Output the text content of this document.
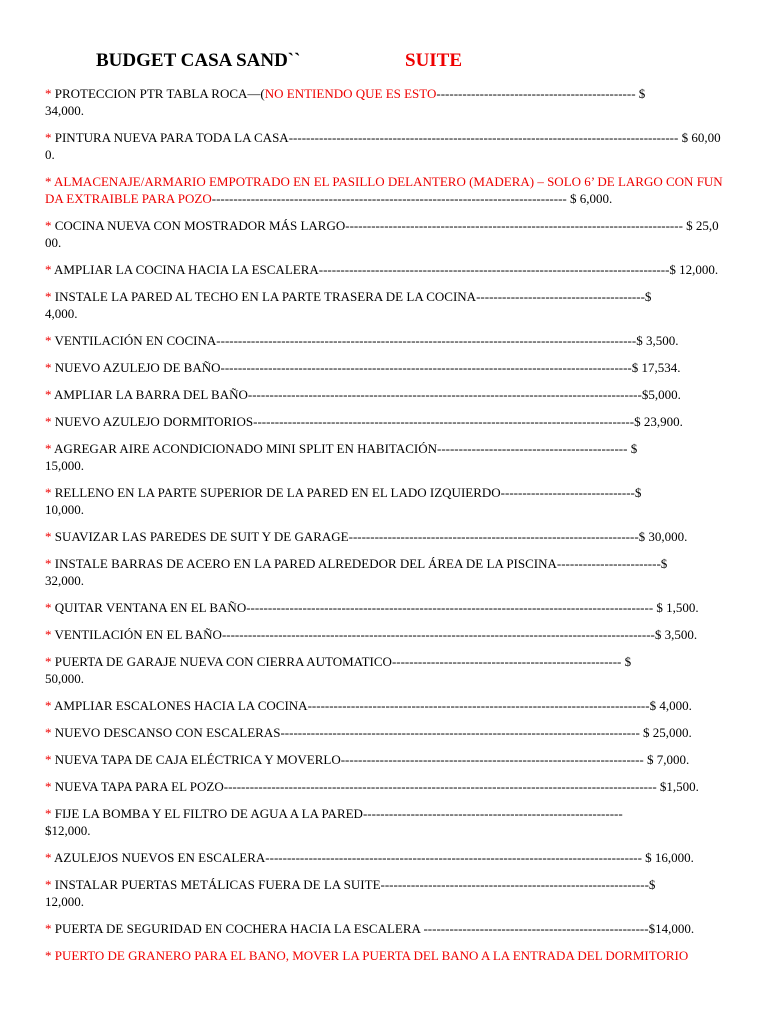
BUDGET CASA SAND``	SUITE
* PROTECCION PTR TABLA ROCA—(NO ENTIENDO QUE ES ESTO---------------------------------------------- $
34,000.
* PINTURA NUEVA PARA TODA LA CASA------------------------------------------------------------------------------------------ $ 60,000.
* ALMACENAJE/ARMARIO EMPOTRADO EN EL PASILLO DELANTERO (MADERA) – SOLO 6’ DE LARGO CON FUNDA EXTRAIBLE PARA POZO---------------------------------------------------------------------------------- $ 6,000.
* COCINA NUEVA CON MOSTRADOR MÁS LARGO------------------------------------------------------------------------------ $ 25,000.
* AMPLIAR LA COCINA HACIA LA ESCALERA---------------------------------------------------------------------------------$ 12,000.
* INSTALE LA PARED AL TECHO EN LA PARTE TRASERA DE LA COCINA---------------------------------------$
4,000.
* VENTILACIÓN EN COCINA-------------------------------------------------------------------------------------------------$ 3,500.
* NUEVO AZULEJO DE BAÑO-----------------------------------------------------------------------------------------------$ 17,534.
* AMPLIAR LA BARRA DEL BAÑO-------------------------------------------------------------------------------------------$5,000.
* NUEVO AZULEJO DORMITORIOS----------------------------------------------------------------------------------------$ 23,900.
* AGREGAR AIRE ACONDICIONADO MINI SPLIT EN HABITACIÓN-------------------------------------------- $
15,000.
* RELLENO EN LA PARTE SUPERIOR DE LA PARED EN EL LADO IZQUIERDO-------------------------------$
10,000.
* SUAVIZAR LAS PAREDES DE SUIT Y DE GARAGE-------------------------------------------------------------------$ 30,000.
* INSTALE BARRAS DE ACERO EN LA PARED ALREDEDOR DEL ÁREA DE LA PISCINA------------------------$
32,000.
* QUITAR VENTANA EN EL BAÑO---------------------------------------------------------------------------------------------- $ 1,500.
* VENTILACIÓN EN EL BAÑO----------------------------------------------------------------------------------------------------$ 3,500.
* PUERTA DE GARAJE NUEVA CON CIERRA AUTOMATICO----------------------------------------------------- $
50,000.
* AMPLIAR ESCALONES HACIA LA COCINA-------------------------------------------------------------------------------$ 4,000.
* NUEVO DESCANSO CON ESCALERAS----------------------------------------------------------------------------------- $ 25,000.
* NUEVA TAPA DE CAJA ELÉCTRICA Y MOVERLO---------------------------------------------------------------------- $ 7,000.
* NUEVA TAPA PARA EL POZO---------------------------------------------------------------------------------------------------- $1,500.
* FIJE LA BOMBA Y EL FILTRO DE AGUA A LA PARED------------------------------------------------------------
$12,000.
* AZULEJOS NUEVOS EN ESCALERA--------------------------------------------------------------------------------------- $ 16,000.
* INSTALAR PUERTAS METÁLICAS FUERA DE LA SUITE--------------------------------------------------------------$
12,000.
* PUERTA DE SEGURIDAD EN COCHERA HACIA LA ESCALERA ----------------------------------------------------$14,000.
* PUERTO DE GRANERO PARA EL BANO, MOVER LA PUERTA DEL BANO A LA ENTRADA DEL DORMITORIO
